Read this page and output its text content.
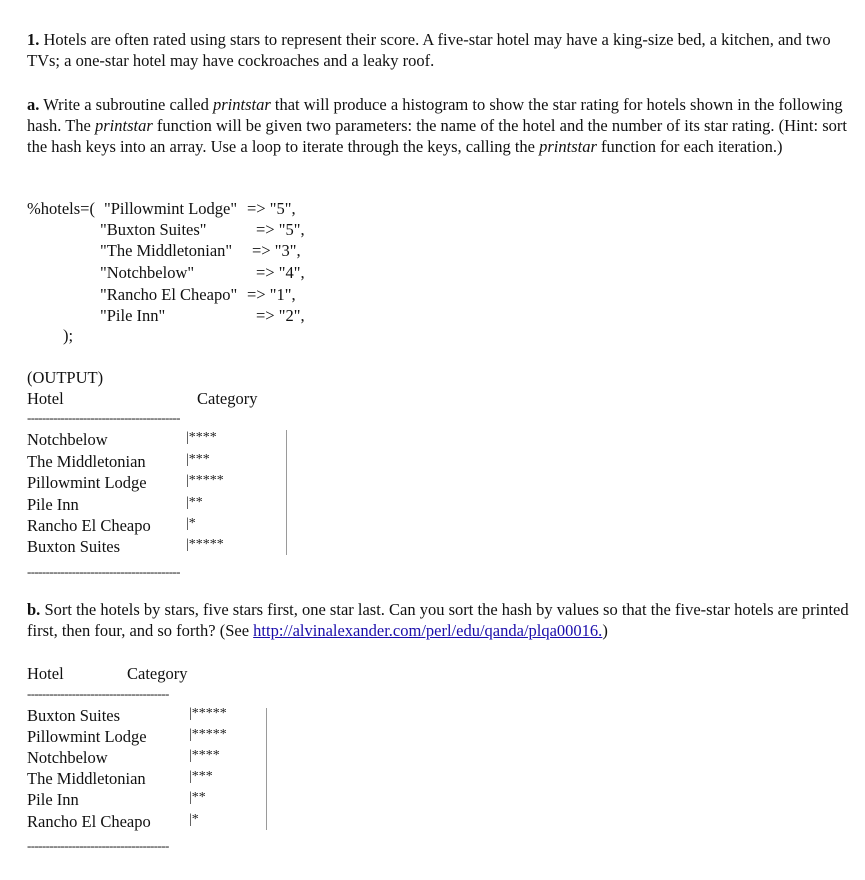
1. Hotels are often rated using stars to represent their score. A five-star hotel may have a king-size bed, a kitchen, and two TVs; a one-star hotel may have cockroaches and a leaky roof.

a. Write a subroutine called printstar that will produce a histogram to show the star rating for hotels shown in the following hash. The printstar function will be given two parameters: the name of the hotel and the number of its star rating. (Hint: sort the hash keys into an array. Use a loop to iterate through the keys, calling the printstar function for each iteration.)

%hotels=( "Pillowmint Lodge" => "5",
"Buxton Suites"	=> "5",
"The Middletonian" => "3",
"Notchbelow"	=> "4",
"Rancho El Cheapo" => "1",
"Pile Inn"	=> "2",
);
(OUTPUT)
Hotel	Category
-----------------------------------------
Notchbelow	|****
The Middletonian	|***
Pillowmint Lodge	|*****
Pile Inn	|**
Rancho El Cheapo	|*
Buxton Suites	|*****
-----------------------------------------

b. Sort the hotels by stars, five stars first, one star last. Can you sort the hash by values so that the five-star hotels are printed first, then four, and so forth? (See http://alvinalexander.com/perl/edu/qanda/plqa00016.)

Hotel	Category
--------------------------------------
Buxton Suites	|*****
Pillowmint Lodge	|*****
Notchbelow	|****
The Middletonian	|***
Pile Inn	|**
Rancho El Cheapo	|*
--------------------------------------
